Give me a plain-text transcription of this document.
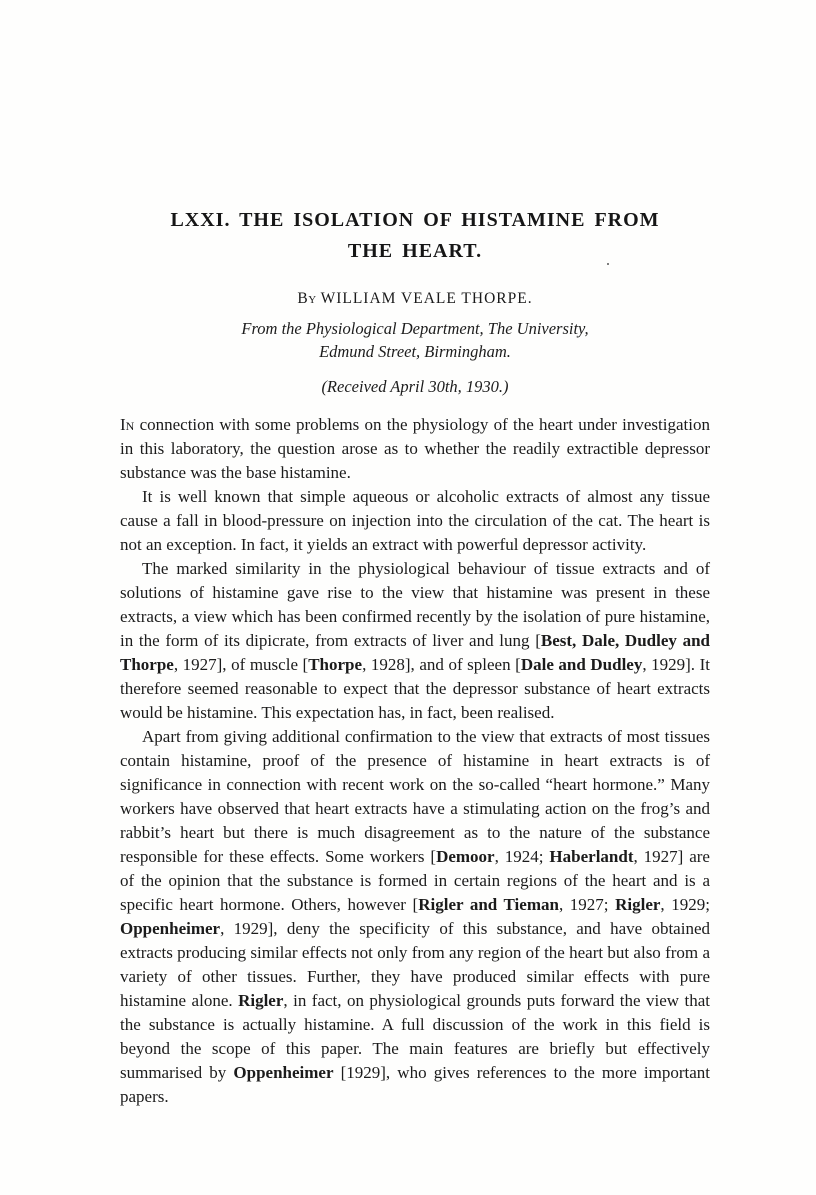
LXXI. THE ISOLATION OF HISTAMINE FROM
THE HEART.
By WILLIAM VEALE THORPE.
From the Physiological Department, The University,
Edmund Street, Birmingham.
(Received April 30th, 1930.)

In connection with some problems on the physiology of the heart under investigation in this laboratory, the question arose as to whether the readily extractible depressor substance was the base histamine.

It is well known that simple aqueous or alcoholic extracts of almost any tissue cause a fall in blood-pressure on injection into the circulation of the cat. The heart is not an exception. In fact, it yields an extract with powerful depressor activity.

The marked similarity in the physiological behaviour of tissue extracts and of solutions of histamine gave rise to the view that histamine was present in these extracts, a view which has been confirmed recently by the isolation of pure histamine, in the form of its dipicrate, from extracts of liver and lung [Best, Dale, Dudley and Thorpe, 1927], of muscle [Thorpe, 1928], and of spleen [Dale and Dudley, 1929]. It therefore seemed reasonable to expect that the depressor substance of heart extracts would be histamine. This expectation has, in fact, been realised.

Apart from giving additional confirmation to the view that extracts of most tissues contain histamine, proof of the presence of histamine in heart extracts is of significance in connection with recent work on the so-called “heart hormone.” Many workers have observed that heart extracts have a stimulating action on the frog’s and rabbit’s heart but there is much disagreement as to the nature of the substance responsible for these effects. Some workers [Demoor, 1924; Haberlandt, 1927] are of the opinion that the substance is formed in certain regions of the heart and is a specific heart hormone. Others, however [Rigler and Tieman, 1927; Rigler, 1929; Oppenheimer, 1929], deny the specificity of this substance, and have obtained extracts producing similar effects not only from any region of the heart but also from a variety of other tissues. Further, they have produced similar effects with pure histamine alone. Rigler, in fact, on physiological grounds puts forward the view that the substance is actually histamine. A full discussion of the work in this field is beyond the scope of this paper. The main features are briefly but effectively summarised by Oppenheimer [1929], who gives references to the more important papers.
